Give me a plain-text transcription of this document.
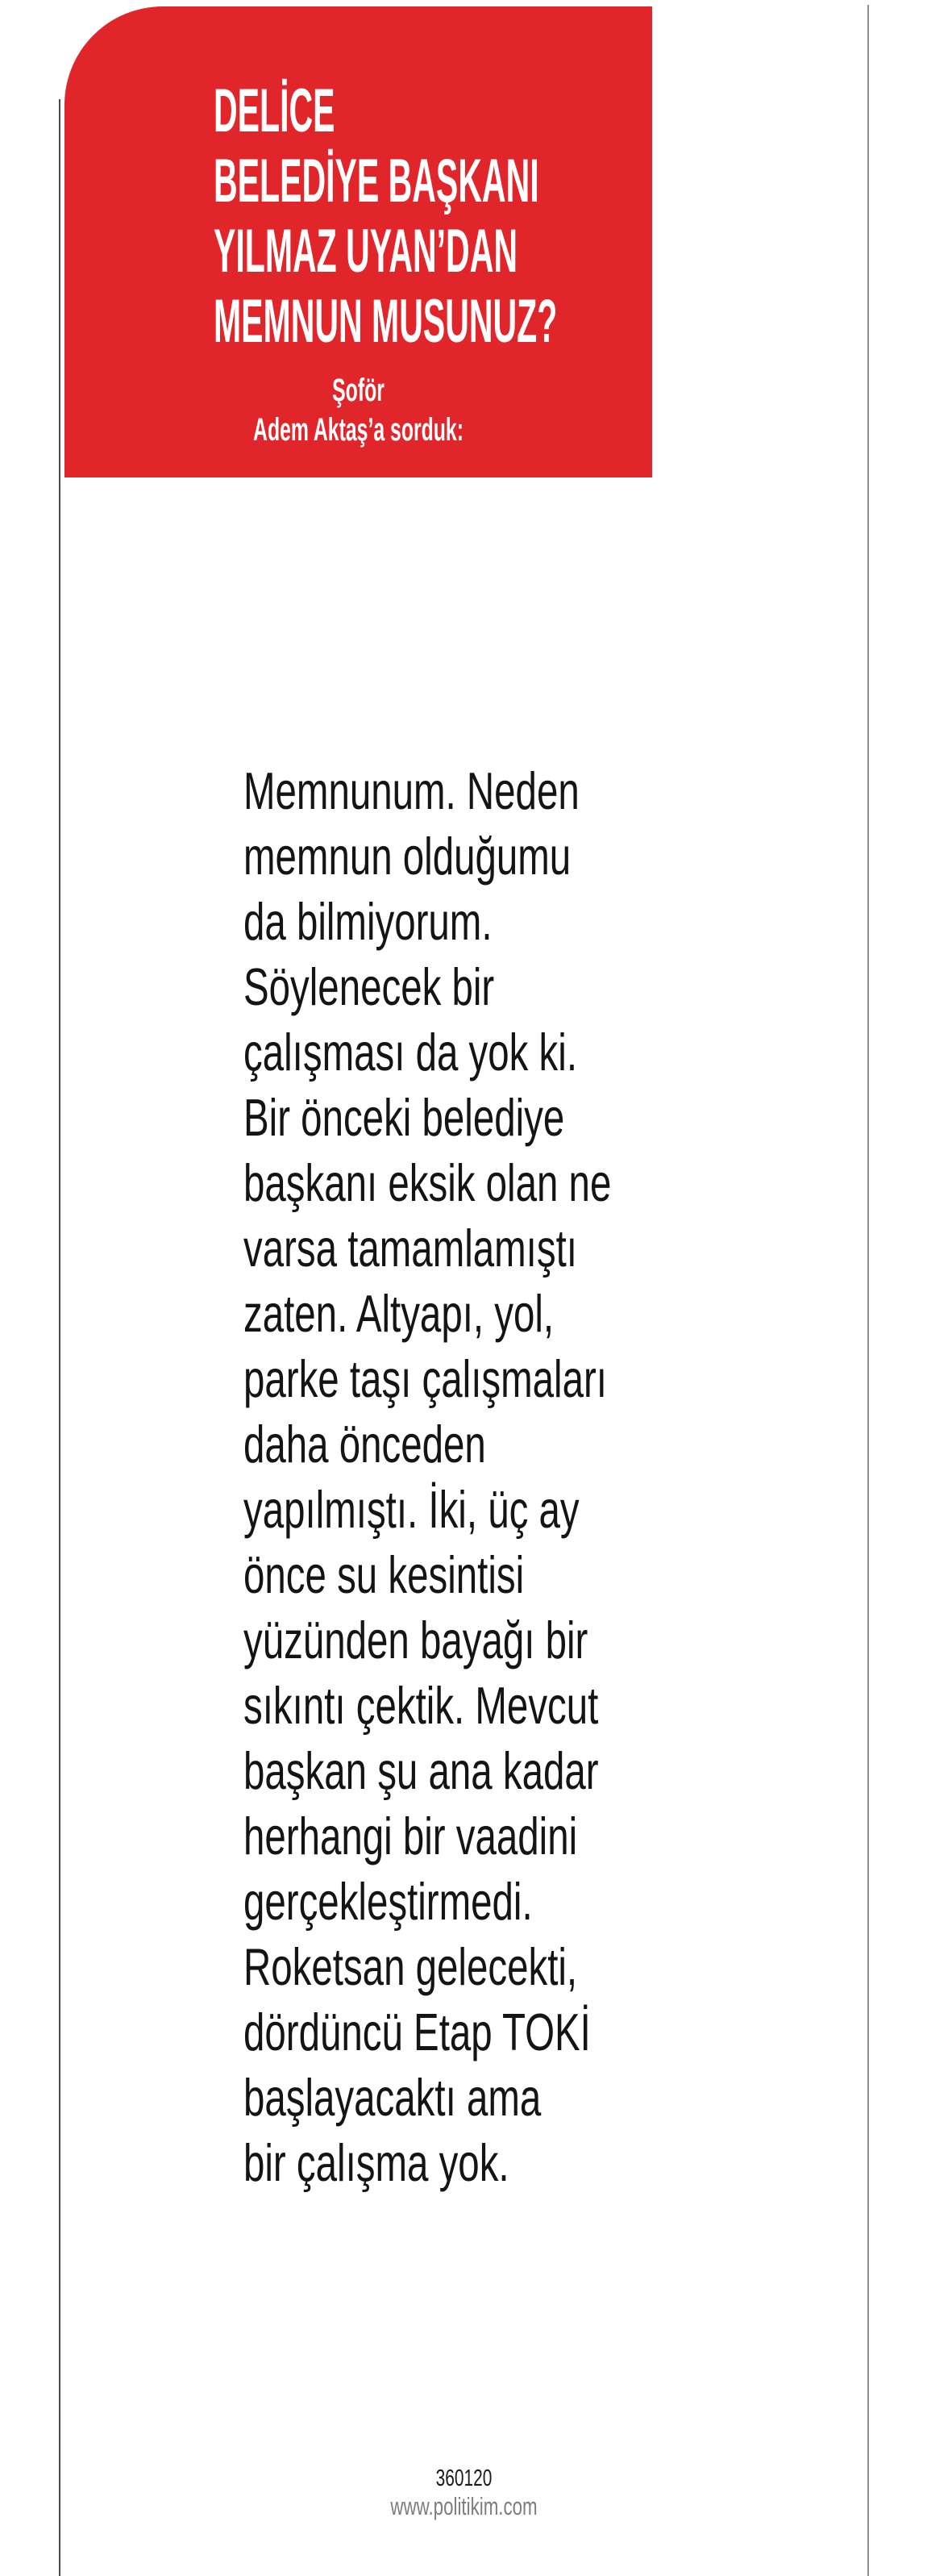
DELİCE
BELEDİYE BAŞKANI
YILMAZ UYAN’DAN
MEMNUN MUSUNUZ?
Şoför
Adem Aktaş’a sorduk:
Memnunum. Neden
memnun olduğumu
da bilmiyorum.
Söylenecek bir
çalışması da yok ki.
Bir önceki belediye
başkanı eksik olan ne
varsa tamamlamıştı
zaten. Altyapı, yol,
parke taşı çalışmaları
daha önceden
yapılmıştı. İki, üç ay
önce su kesintisi
yüzünden bayağı bir
sıkıntı çektik. Mevcut
başkan şu ana kadar
herhangi bir vaadini
gerçekleştirmedi.
Roketsan gelecekti,
dördüncü Etap TOKİ
başlayacaktı ama
bir çalışma yok.
360120
www.politikim.com
